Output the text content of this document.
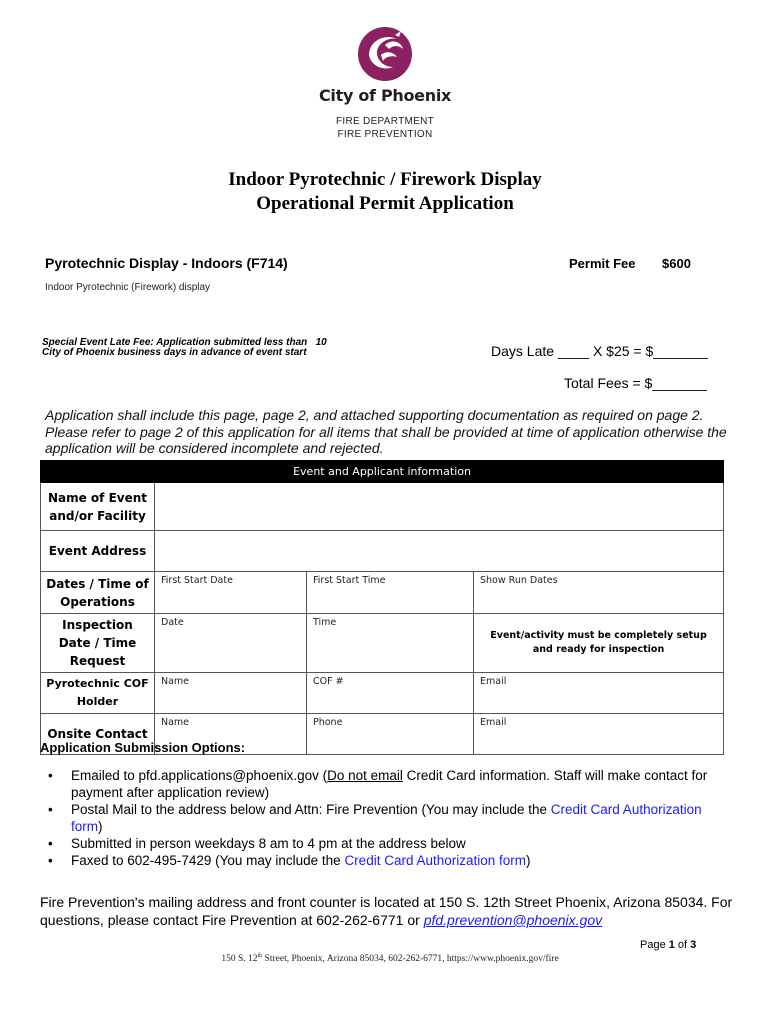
City of Phoenix
FIRE DEPARTMENT
FIRE PREVENTION
Indoor Pyrotechnic / Firework Display
Operational Permit Application
Pyrotechnic Display - Indoors (F714)
Indoor Pyrotechnic (Firework) display
Permit Fee $600
Special Event Late Fee: Application submitted less than   10
City of Phoenix business days in advance of event start	Days Late ____ X $25 = $_______
Total Fees = $_______
Application shall include this page, page 2, and attached supporting documentation as required on page 2. Please refer to page 2 of this application for all items that shall be provided at time of application otherwise the application will be considered incomplete and rejected.
Event and Applicant information			
Name of Event and/or Facility			
Event Address			
Dates / Time of Operations	First Start Date	First Start Time	Show Run Dates
Inspection Date / Time Request	Date	Time	Event/activity must be completely setup and ready for inspection
Pyrotechnic COF Holder	Name	COF #	Email
Onsite Contact	Name	Phone	Email
Application Submission Options:
• Emailed to pfd.applications@phoenix.gov (Do not email Credit Card information. Staff will make contact for payment after application review)
• Postal Mail to the address below and Attn: Fire Prevention (You may include the Credit Card Authorization form)
• Submitted in person weekdays 8 am to 4 pm at the address below
• Faxed to 602-495-7429 (You may include the Credit Card Authorization form)
Fire Prevention's mailing address and front counter is located at 150 S. 12th Street Phoenix, Arizona 85034. For questions, please contact Fire Prevention at 602-262-6771 or pfd.prevention@phoenix.gov
Page 1 of 3
150 S. 12th Street, Phoenix, Arizona 85034, 602-262-6771, https://www.phoenix.gov/fire
